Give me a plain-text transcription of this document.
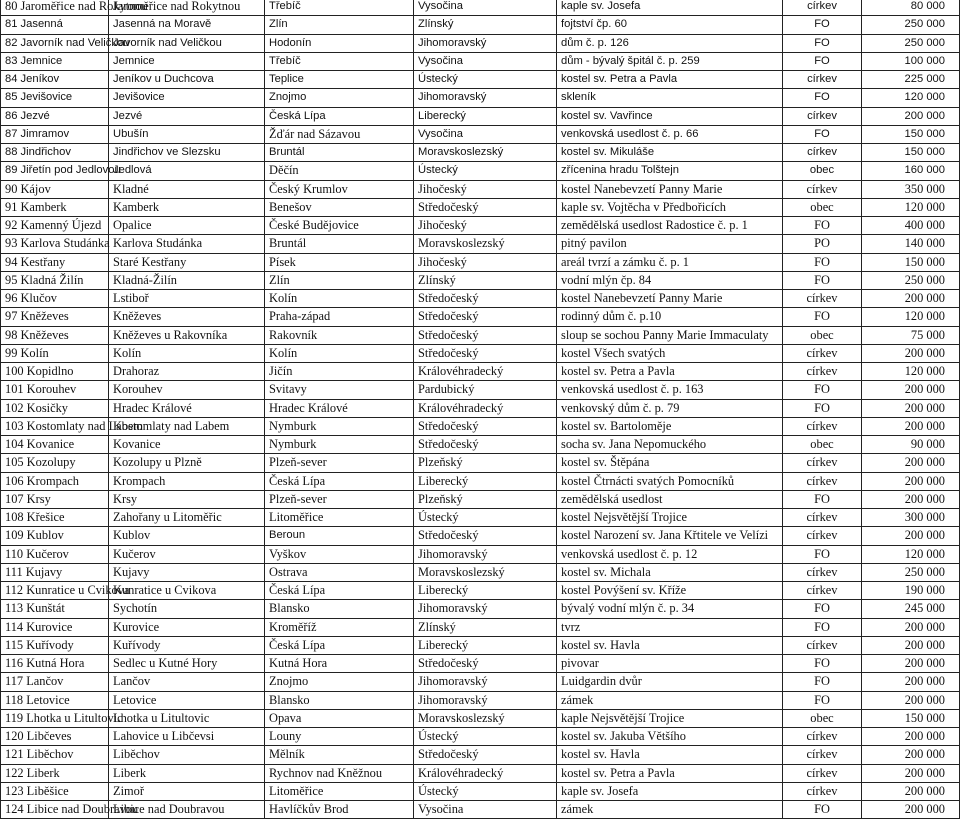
80 Jaroměřice nad Rokytnou	Jaroměřice nad Rokytnou	Třebíč	Vysočina	kaple sv. Josefa	církev	80 000
81 Jasenná	Jasenná na Moravě	Zlín	Zlínský	fojtství čp. 60	FO	250 000
82 Javorník nad Veličkou	Javorník nad Veličkou	Hodonín	Jihomoravský	dům č. p. 126	FO	250 000
83 Jemnice	Jemnice	Třebíč	Vysočina	dům - bývalý špitál č. p. 259	FO	100 000
84 Jeníkov	Jeníkov u Duchcova	Teplice	Ústecký	kostel sv. Petra a Pavla	církev	225 000
85 Jevišovice	Jevišovice	Znojmo	Jihomoravský	skleník	FO	120 000
86 Jezvé	Jezvé	Česká Lípa	Liberecký	kostel sv. Vavřince	církev	200 000
87 Jimramov	Ubušín	Žďár nad Sázavou	Vysočina	venkovská usedlost č. p. 66	FO	150 000
88 Jindřichov	Jindřichov ve Slezsku	Bruntál	Moravskoslezský	kostel sv. Mikuláše	církev	150 000
89 Jiřetín pod Jedlovou	Jedlová	Děčín	Ústecký	zřícenina hradu Tolštejn	obec	160 000
90 Kájov	Kladné	Český Krumlov	Jihočeský	kostel Nanebevzetí Panny Marie	církev	350 000
91 Kamberk	Kamberk	Benešov	Středočeský	kaple sv. Vojtěcha v Předbořicích	obec	120 000
92 Kamenný Újezd	Opalice	České Budějovice	Jihočeský	zemědělská usedlost Radostice č. p. 1	FO	400 000
93 Karlova Studánka	Karlova Studánka	Bruntál	Moravskoslezský	pitný pavilon	PO	140 000
94 Kestřany	Staré Kestřany	Písek	Jihočeský	areál tvrzí a zámku č. p. 1	FO	150 000
95 Kladná Žilín	Kladná-Žilín	Zlín	Zlínský	vodní mlýn čp. 84	FO	250 000
96 Klučov	Lstiboř	Kolín	Středočeský	kostel Nanebevzetí Panny Marie	církev	200 000
97 Kněževes	Kněževes	Praha-západ	Středočeský	rodinný dům č. p.10	FO	120 000
98 Kněževes	Kněževes u Rakovníka	Rakovník	Středočeský	sloup se sochou Panny Marie Immaculaty	obec	75 000
99 Kolín	Kolín	Kolín	Středočeský	kostel Všech svatých	církev	200 000
100 Kopidlno	Drahoraz	Jičín	Královéhradecký	kostel sv. Petra a Pavla	církev	120 000
101 Korouhev	Korouhev	Svitavy	Pardubický	venkovská usedlost č. p. 163	FO	200 000
102 Kosičky	Hradec Králové	Hradec Králové	Královéhradecký	venkovský dům č. p. 79	FO	200 000
103 Kostomlaty nad Labem	Kostomlaty nad Labem	Nymburk	Středočeský	kostel sv. Bartoloměje	církev	200 000
104 Kovanice	Kovanice	Nymburk	Středočeský	socha sv. Jana Nepomuckého	obec	90 000
105 Kozolupy	Kozolupy u Plzně	Plzeň-sever	Plzeňský	kostel sv. Štěpána	církev	200 000
106 Krompach	Krompach	Česká Lípa	Liberecký	kostel Čtrnácti svatých Pomocníků	církev	200 000
107 Krsy	Krsy	Plzeň-sever	Plzeňský	zemědělská usedlost	FO	200 000
108 Křešice	Zahořany u Litoměřic	Litoměřice	Ústecký	kostel Nejsvětější Trojice	církev	300 000
109 Kublov	Kublov	Beroun	Středočeský	kostel Narození sv. Jana Křtitele ve Velízi	církev	200 000
110 Kučerov	Kučerov	Vyškov	Jihomoravský	venkovská usedlost č. p. 12	FO	120 000
111 Kujavy	Kujavy	Ostrava	Moravskoslezský	kostel sv. Michala	církev	250 000
112 Kunratice u Cvikova	Kunratice u Cvikova	Česká Lípa	Liberecký	kostel Povýšení sv. Kříže	církev	190 000
113 Kunštát	Sychotín	Blansko	Jihomoravský	bývalý vodní mlýn č. p. 34	FO	245 000
114 Kurovice	Kurovice	Kroměříž	Zlínský	tvrz	FO	200 000
115 Kuřívody	Kuřívody	Česká Lípa	Liberecký	kostel sv. Havla	církev	200 000
116 Kutná Hora	Sedlec u Kutné Hory	Kutná Hora	Středočeský	pivovar	FO	200 000
117 Lančov	Lančov	Znojmo	Jihomoravský	Luidgardin dvůr	FO	200 000
118 Letovice	Letovice	Blansko	Jihomoravský	zámek	FO	200 000
119 Lhotka u Litultovic	Lhotka u Litultovic	Opava	Moravskoslezský	kaple Nejsvětější Trojice	obec	150 000
120 Libčeves	Lahovice u Libčevsi	Louny	Ústecký	kostel sv. Jakuba Většího	církev	200 000
121 Liběchov	Liběchov	Mělník	Středočeský	kostel sv. Havla	církev	200 000
122 Liberk	Liberk	Rychnov nad Kněžnou	Královéhradecký	kostel sv. Petra a Pavla	církev	200 000
123 Liběšice	Zimoř	Litoměřice	Ústecký	kaple sv. Josefa	církev	200 000
124 Libice nad Doubravou	Libice nad Doubravou	Havlíčkův Brod	Vysočina	zámek	FO	200 000
